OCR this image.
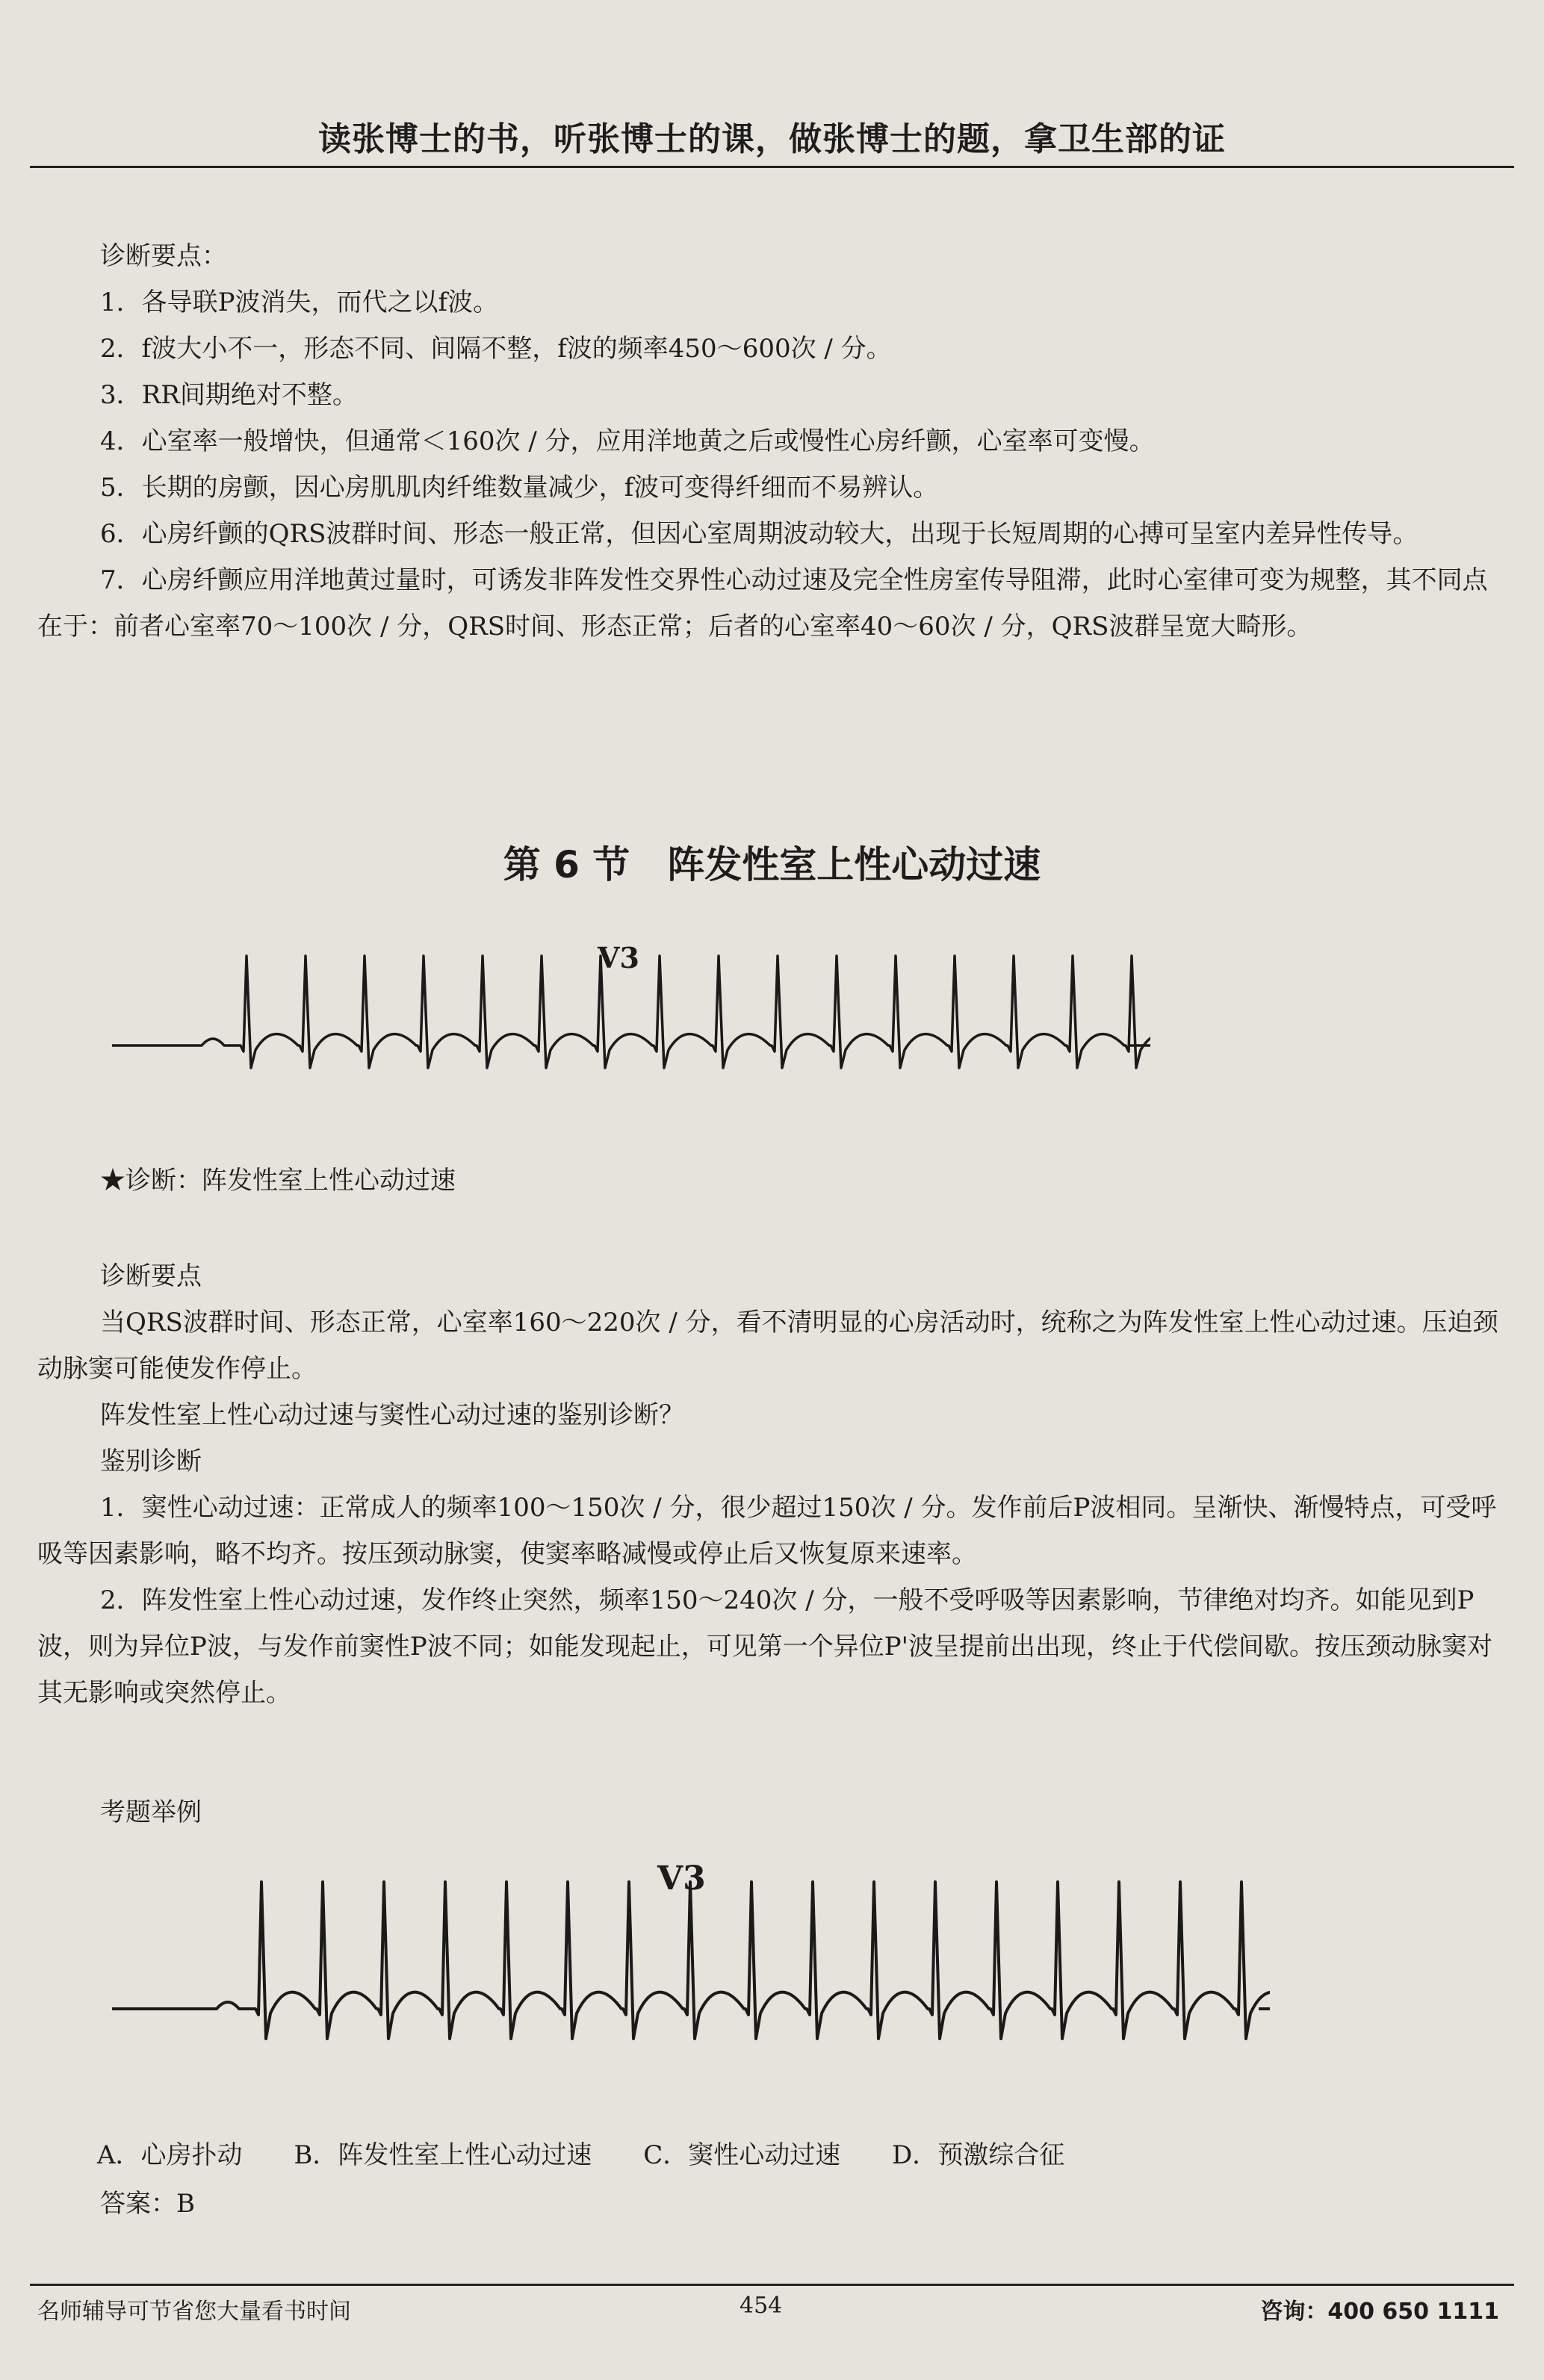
读张博士的书，听张博士的课，做张博士的题，拿卫生部的证

诊断要点：

1．各导联P波消失，而代之以f波。

2．f波大小不一，形态不同、间隔不整，f波的频率450～600次 / 分。

3．RR间期绝对不整。

4．心室率一般增快，但通常＜160次 / 分，应用洋地黄之后或慢性心房纤颤，心室率可变慢。

5．长期的房颤，因心房肌肌肉纤维数量减少，f波可变得纤细而不易辨认。

6．心房纤颤的QRS波群时间、形态一般正常，但因心室周期波动较大，出现于长短周期的心搏可呈室内差异性传导。

7．心房纤颤应用洋地黄过量时，可诱发非阵发性交界性心动过速及完全性房室传导阻滞，此时心室律可变为规整，其不同点在于：前者心室率70～100次 / 分，QRS时间、形态正常；后者的心室率40～60次 / 分，QRS波群呈宽大畸形。

第 6 节　阵发性室上性心动过速
V3

★诊断：阵发性室上性心动过速

诊断要点

当QRS波群时间、形态正常，心室率160～220次 / 分，看不清明显的心房活动时，统称之为阵发性室上性心动过速。压迫颈动脉窦可能使发作停止。

阵发性室上性心动过速与窦性心动过速的鉴别诊断？

鉴别诊断

1．窦性心动过速：正常成人的频率100～150次 / 分，很少超过150次 / 分。发作前后P波相同。呈渐快、渐慢特点，可受呼吸等因素影响，略不均齐。按压颈动脉窦，使窦率略减慢或停止后又恢复原来速率。

2．阵发性室上性心动过速，发作终止突然，频率150～240次 / 分，一般不受呼吸等因素影响，节律绝对均齐。如能见到P波，则为异位P波，与发作前窦性P波不同；如能发现起止，可见第一个异位P'波呈提前出出现，终止于代偿间歇。按压颈动脉窦对其无影响或突然停止。

考题举例

V3
A．心房扑动 B．阵发性室上性心动过速 C．窦性心动过速 D．预激综合征

答案：B

名师辅导可节省您大量看书时间	454	咨询：400 650 1111
